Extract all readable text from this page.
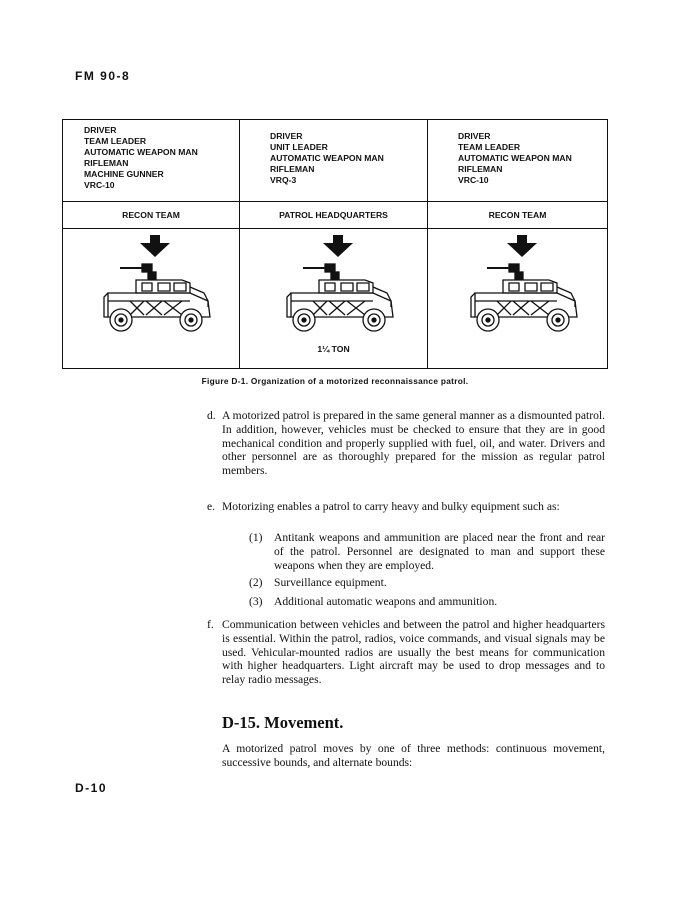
FM 90-8
DRIVER
TEAM LEADER
AUTOMATIC WEAPON MAN
RIFLEMAN
MACHINE GUNNER
VRC-10
DRIVER
UNIT LEADER
AUTOMATIC WEAPON MAN
RIFLEMAN
VRQ-3
DRIVER
TEAM LEADER
AUTOMATIC WEAPON MAN
RIFLEMAN
VRC-10
RECON TEAM	PATROL HEADQUARTERS	RECON TEAM
1¼ TON
Figure D-1. Organization of a motorized reconnaissance patrol.
d. A motorized patrol is prepared in the same general manner as a dismounted patrol. In addition, however, vehicles must be checked to ensure that they are in good mechanical condition and properly supplied with fuel, oil, and water. Drivers and other personnel are as thoroughly prepared for the mission as regular patrol members.
e. Motorizing enables a patrol to carry heavy and bulky equipment such as:
(1) Antitank weapons and ammunition are placed near the front and rear of the patrol. Personnel are designated to man and support these weapons when they are employed.
(2) Surveillance equipment.
(3) Additional automatic weapons and ammunition.
f. Communication between vehicles and between the patrol and higher headquarters is essential. Within the patrol, radios, voice commands, and visual signals may be used. Vehicular-mounted radios are usually the best means for communication with higher headquarters. Light aircraft may be used to drop messages and to relay radio messages.
D-15. Movement.
A motorized patrol moves by one of three methods: continuous movement, successive bounds, and alternate bounds:
D-10
